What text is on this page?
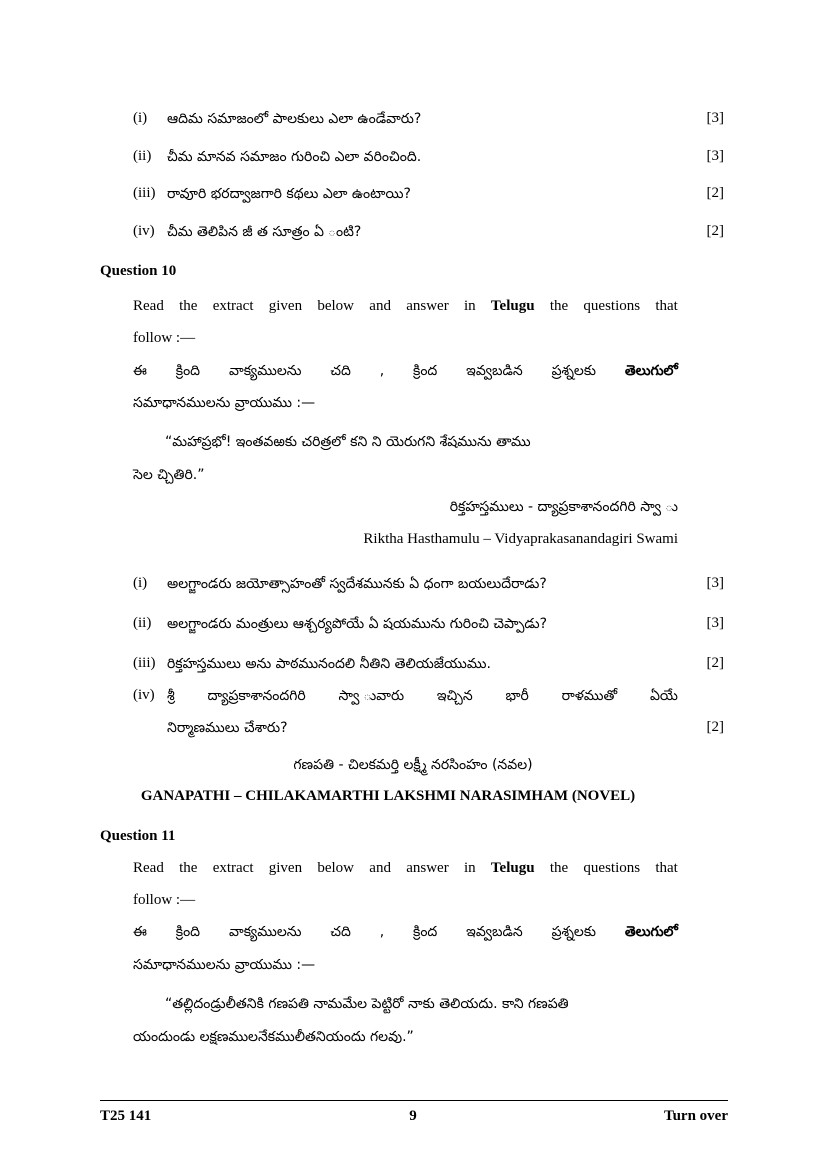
(i) ఆదిమ సమాజంలో పాలకులు ఎలా ఉండేవారు?	[3]
(ii) చీమ మానవ సమాజం గురించి ఎలా వరించింది.	[3]
(iii) రావూరి భరద్వాజగారి కథలు ఎలా ఉంటాయి?	[2]
(iv) చీమ తెలిపిన జీ త సూత్రం ఏ ంటి?	[2]
Question 10
Read the extract given below and answer in Telugu the questions that
follow :—
ఈ క్రింది వాక్యములను చది , క్రింద ఇవ్వబడిన ప్రశ్నలకు తెలుగులో
సమాధానములను వ్రాయుము :—
“మహాప్రభో! ఇంతవఱకు చరిత్రలో కని ని యెరుగని శేషమును తాము
సెల చ్చితిరి.”
రిక్తహస్తములు - ద్యాప్రకాశానందగిరి స్వా ు
Riktha Hasthamulu – Vidyaprakasanandagiri Swami
(i) అలగ్జాండరు జయోత్సాహంతో స్వదేశమునకు ఏ ధంగా బయలుదేరాడు?	[3]
(ii) అలగ్జాండరు మంత్రులు ఆశ్చర్యపోయే ఏ షయమును గురించి చెప్పాడు?	[3]
(iii) రిక్తహస్తములు అను పాఠమునందలి నీతిని తెలియజేయుము.	[2]
(iv) శ్రీ ద్యాప్రకాశానందగిరి స్వా ువారు ఇచ్చిన భారీ రాళముతో ఏయే
నిర్మాణములు చేశారు?	[2]
గణపతి - చిలకమర్తి లక్ష్మీ నరసింహం (నవల)
GANAPATHI – CHILAKAMARTHI LAKSHMI NARASIMHAM (NOVEL)
Question 11
Read the extract given below and answer in Telugu the questions that
follow :—
ఈ క్రింది వాక్యములను చది , క్రింద ఇవ్వబడిన ప్రశ్నలకు తెలుగులో
సమాధానములను వ్రాయుము :—
“తల్లిదండ్రులీతనికి గణపతి నామమేల పెట్టిరో నాకు తెలియదు. కాని గణపతి
యందుండు లక్షణములనేకములీతనియందు గలవు.”
T25 141	9	Turn over
